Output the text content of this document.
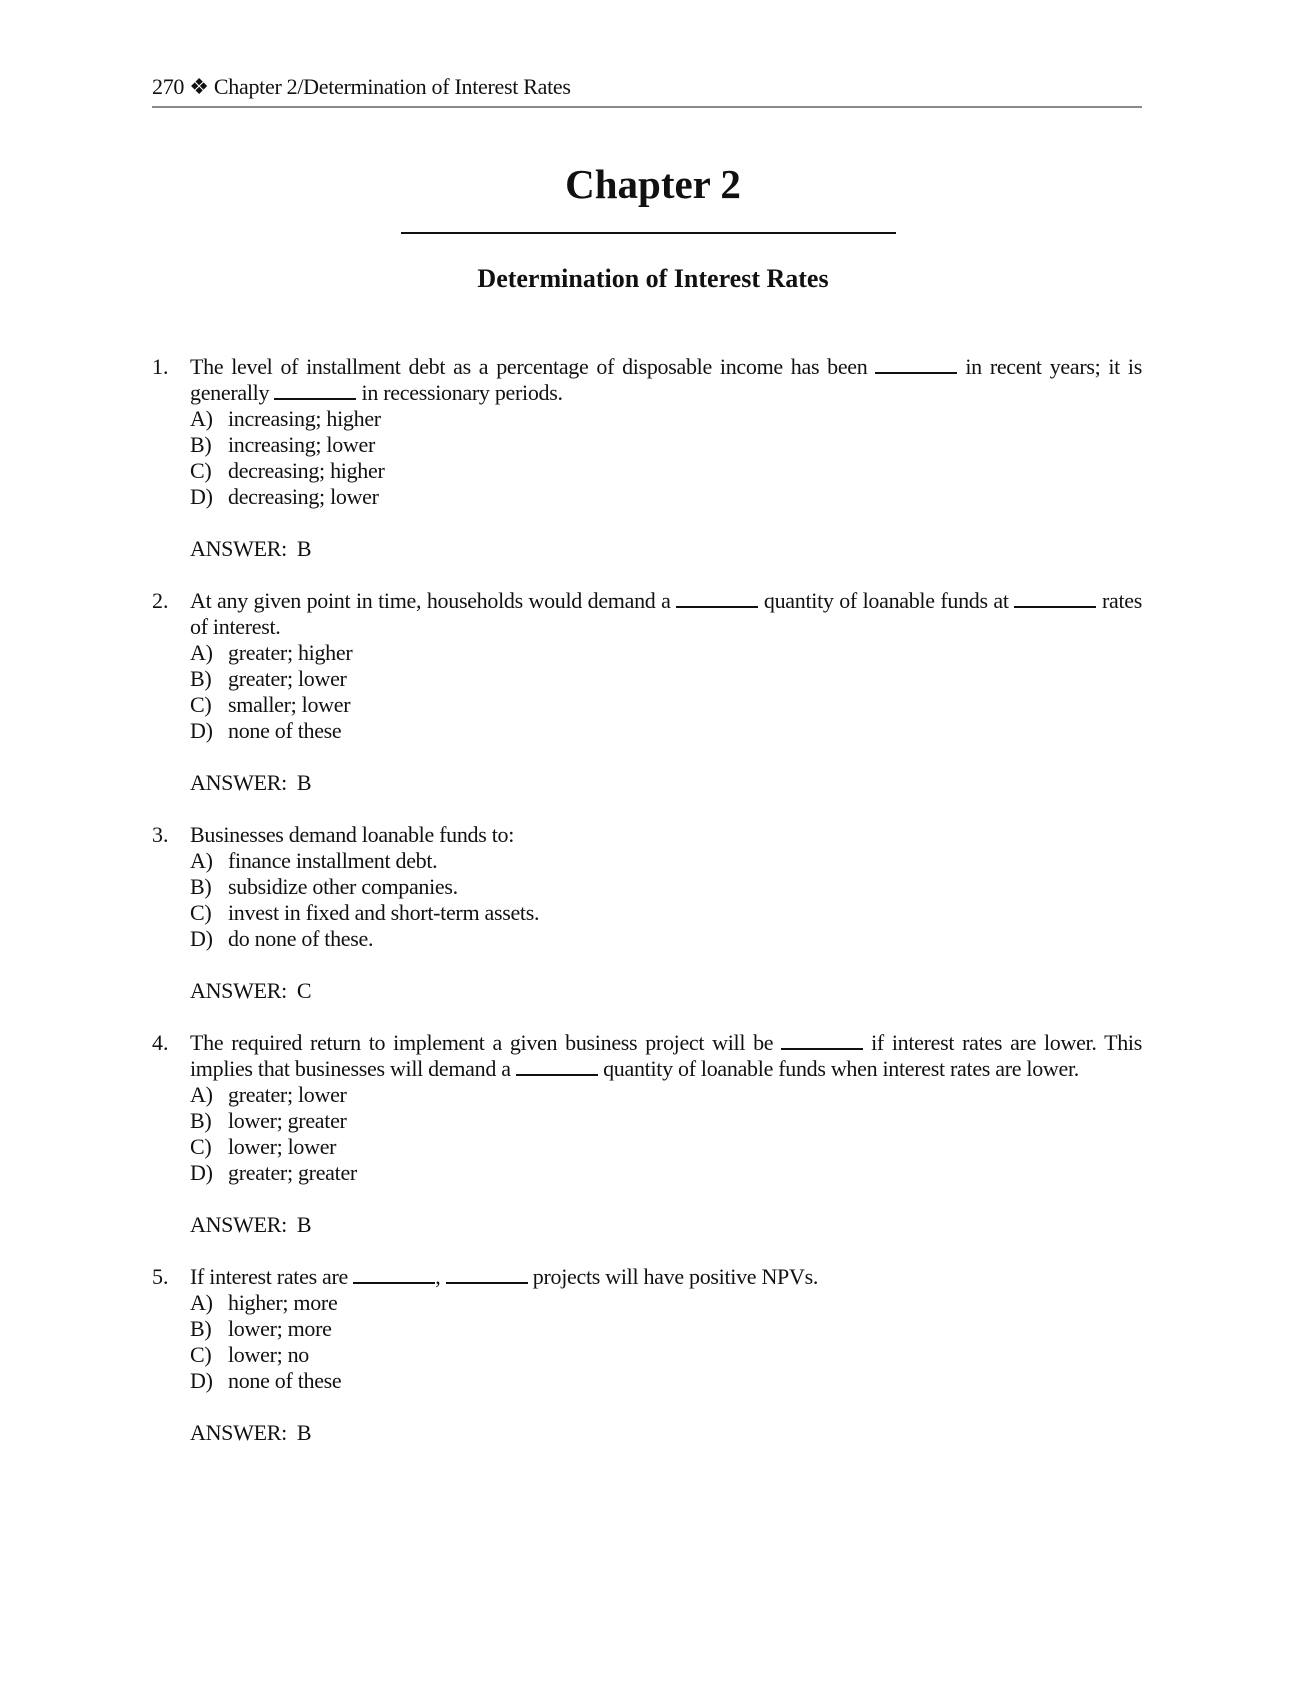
270 ❖ Chapter 2/Determination of Interest Rates
Chapter 2
Determination of Interest Rates
1. The level of installment debt as a percentage of disposable income has been	in recent years; it is generally	in recessionary periods.
A) increasing; higher
B) increasing; lower
C) decreasing; higher
D) decreasing; lower
ANSWER: B
2. At any given point in time, households would demand a	quantity of loanable funds at	rates of interest.
A) greater; higher
B) greater; lower
C) smaller; lower
D) none of these
ANSWER: B
3. Businesses demand loanable funds to:
A) finance installment debt.
B) subsidize other companies.
C) invest in fixed and short-term assets.
D) do none of these.
ANSWER: C
4. The required return to implement a given business project will be	if interest rates are lower. This implies that businesses will demand a	quantity of loanable funds when interest rates are lower.
A) greater; lower
B) lower; greater
C) lower; lower
D) greater; greater
ANSWER: B
5. If interest rates are	,	projects will have positive NPVs.
A) higher; more
B) lower; more
C) lower; no
D) none of these
ANSWER: B
